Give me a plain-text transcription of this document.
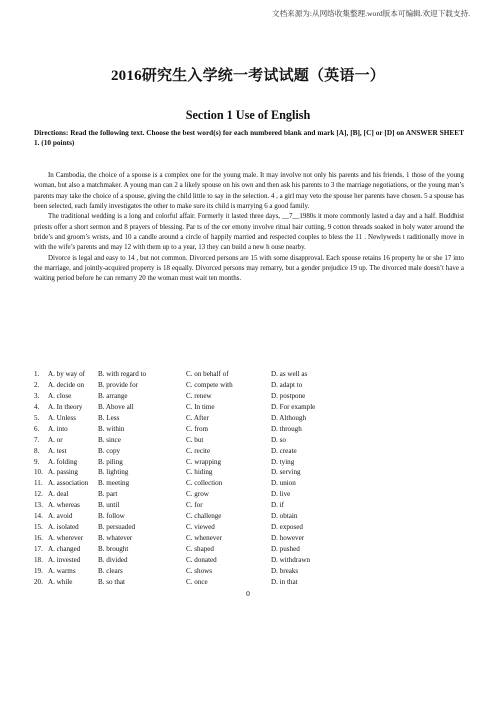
文档来源为:从网络收集整理.word版本可编辑.欢迎下载支持.
2016研究生入学统一考试试题（英语一）
Section 1 Use of English
Directions: Read the following text. Choose the best word(s) for each numbered blank and mark [A], [B], [C] or [D] on ANSWER SHEET 1. (10 points)

In Cambodia, the choice of a spouse is a complex one for the young male. It may involve not only his parents and his friends, 1 those of the young woman, but also a matchmaker. A young man can 2 a likely spouse on his own and then ask his parents to 3 the marriage negotiations, or the young man’s parents may take the choice of a spouse, giving the child little to say in the selection. 4 , a girl may veto the spouse her parents have chosen. 5 a spouse has been selected, each family investigates the other to make sure its child is marrying 6 a good family.

The traditional wedding is a long and colorful affair. Formerly it lasted three days, __7__1980s it more commonly lasted a day and a half. Buddhist priests offer a short sermon and 8 prayers of blessing. Par ts of the cer emony involve ritual hair cutting, 9 cotton threads soaked in holy water around the bride’s and groom’s wrists, and 10 a candle around a circle of happily married and respected couples to bless the 11 . Newlyweds t raditionally move in with the wife’s parents and may 12 with them up to a year, 13 they can build a new h ouse nearby.

Divorce is legal and easy to 14 , but not common. Divorced persons are 15 with some disapproval. Each spouse retains 16 property he or she 17 into the marriage, and jointly-acquired property is 18 equally. Divorced persons may remarry, but a gender prejudice 19 up. The divorced male doesn’t have a waiting period before he can remarry 20 the woman must wait ten months.

1.	A. by way of	B. with regard to	C. on behalf of	D. as well as
2.	A. decide on	B. provide for	C. compete with	D. adapt to
3.	A. close	B. arrange	C. renew	D. postpone
4.	A. In theory	B. Above all	C. In time	D. For example
5.	A. Unless	B. Less	C. After	D. Although
6.	A. into	B. within	C. from	D. through
7.	A. or	B. since	C. but	D. so
8.	A. test	B. copy	C. recite	D. create
9.	A. folding	B. piling	C. wrapping	D. tying
10. A. passing	B. lighting	C. hiding	D. serving
11. A. association	B. meeting	C. collection	D. union
12. A. deal	B. part	C. grow	D. live
13. A. whereas	B. until	C. for	D. if
14. A. avoid	B. follow	C. challenge	D. obtain
15. A. isolated	B. persuaded	C. viewed	D. exposed
16. A. wherever	B. whatever	C. whenever	D. however
17. A. changed	B. brought	C. shaped	D. pushed
18. A. invested	B. divided	C. donated	D. withdrawn
19. A. warms	B. clears	C. shows	D. breaks
20. A. while	B. so that	C. once	D. in that
0
